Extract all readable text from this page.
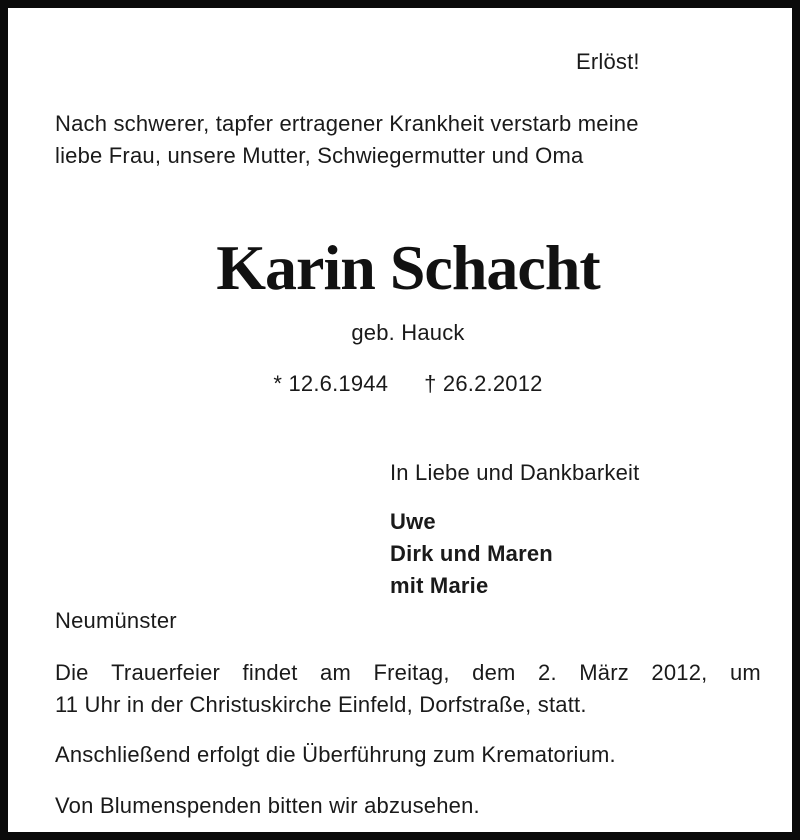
Erlöst!
Nach schwerer, tapfer ertragener Krankheit verstarb meine
liebe Frau, unsere Mutter, Schwiegermutter und Oma
Karin Schacht
geb. Hauck
* 12.6.1944 † 26.2.2012
In Liebe und Dankbarkeit
Uwe
Dirk und Maren
mit Marie
Neumünster
Die Trauerfeier findet am Freitag, dem 2. März 2012, um
11 Uhr in der Christuskirche Einfeld, Dorfstraße, statt.
Anschließend erfolgt die Überführung zum Krematorium.
Von Blumenspenden bitten wir abzusehen.
